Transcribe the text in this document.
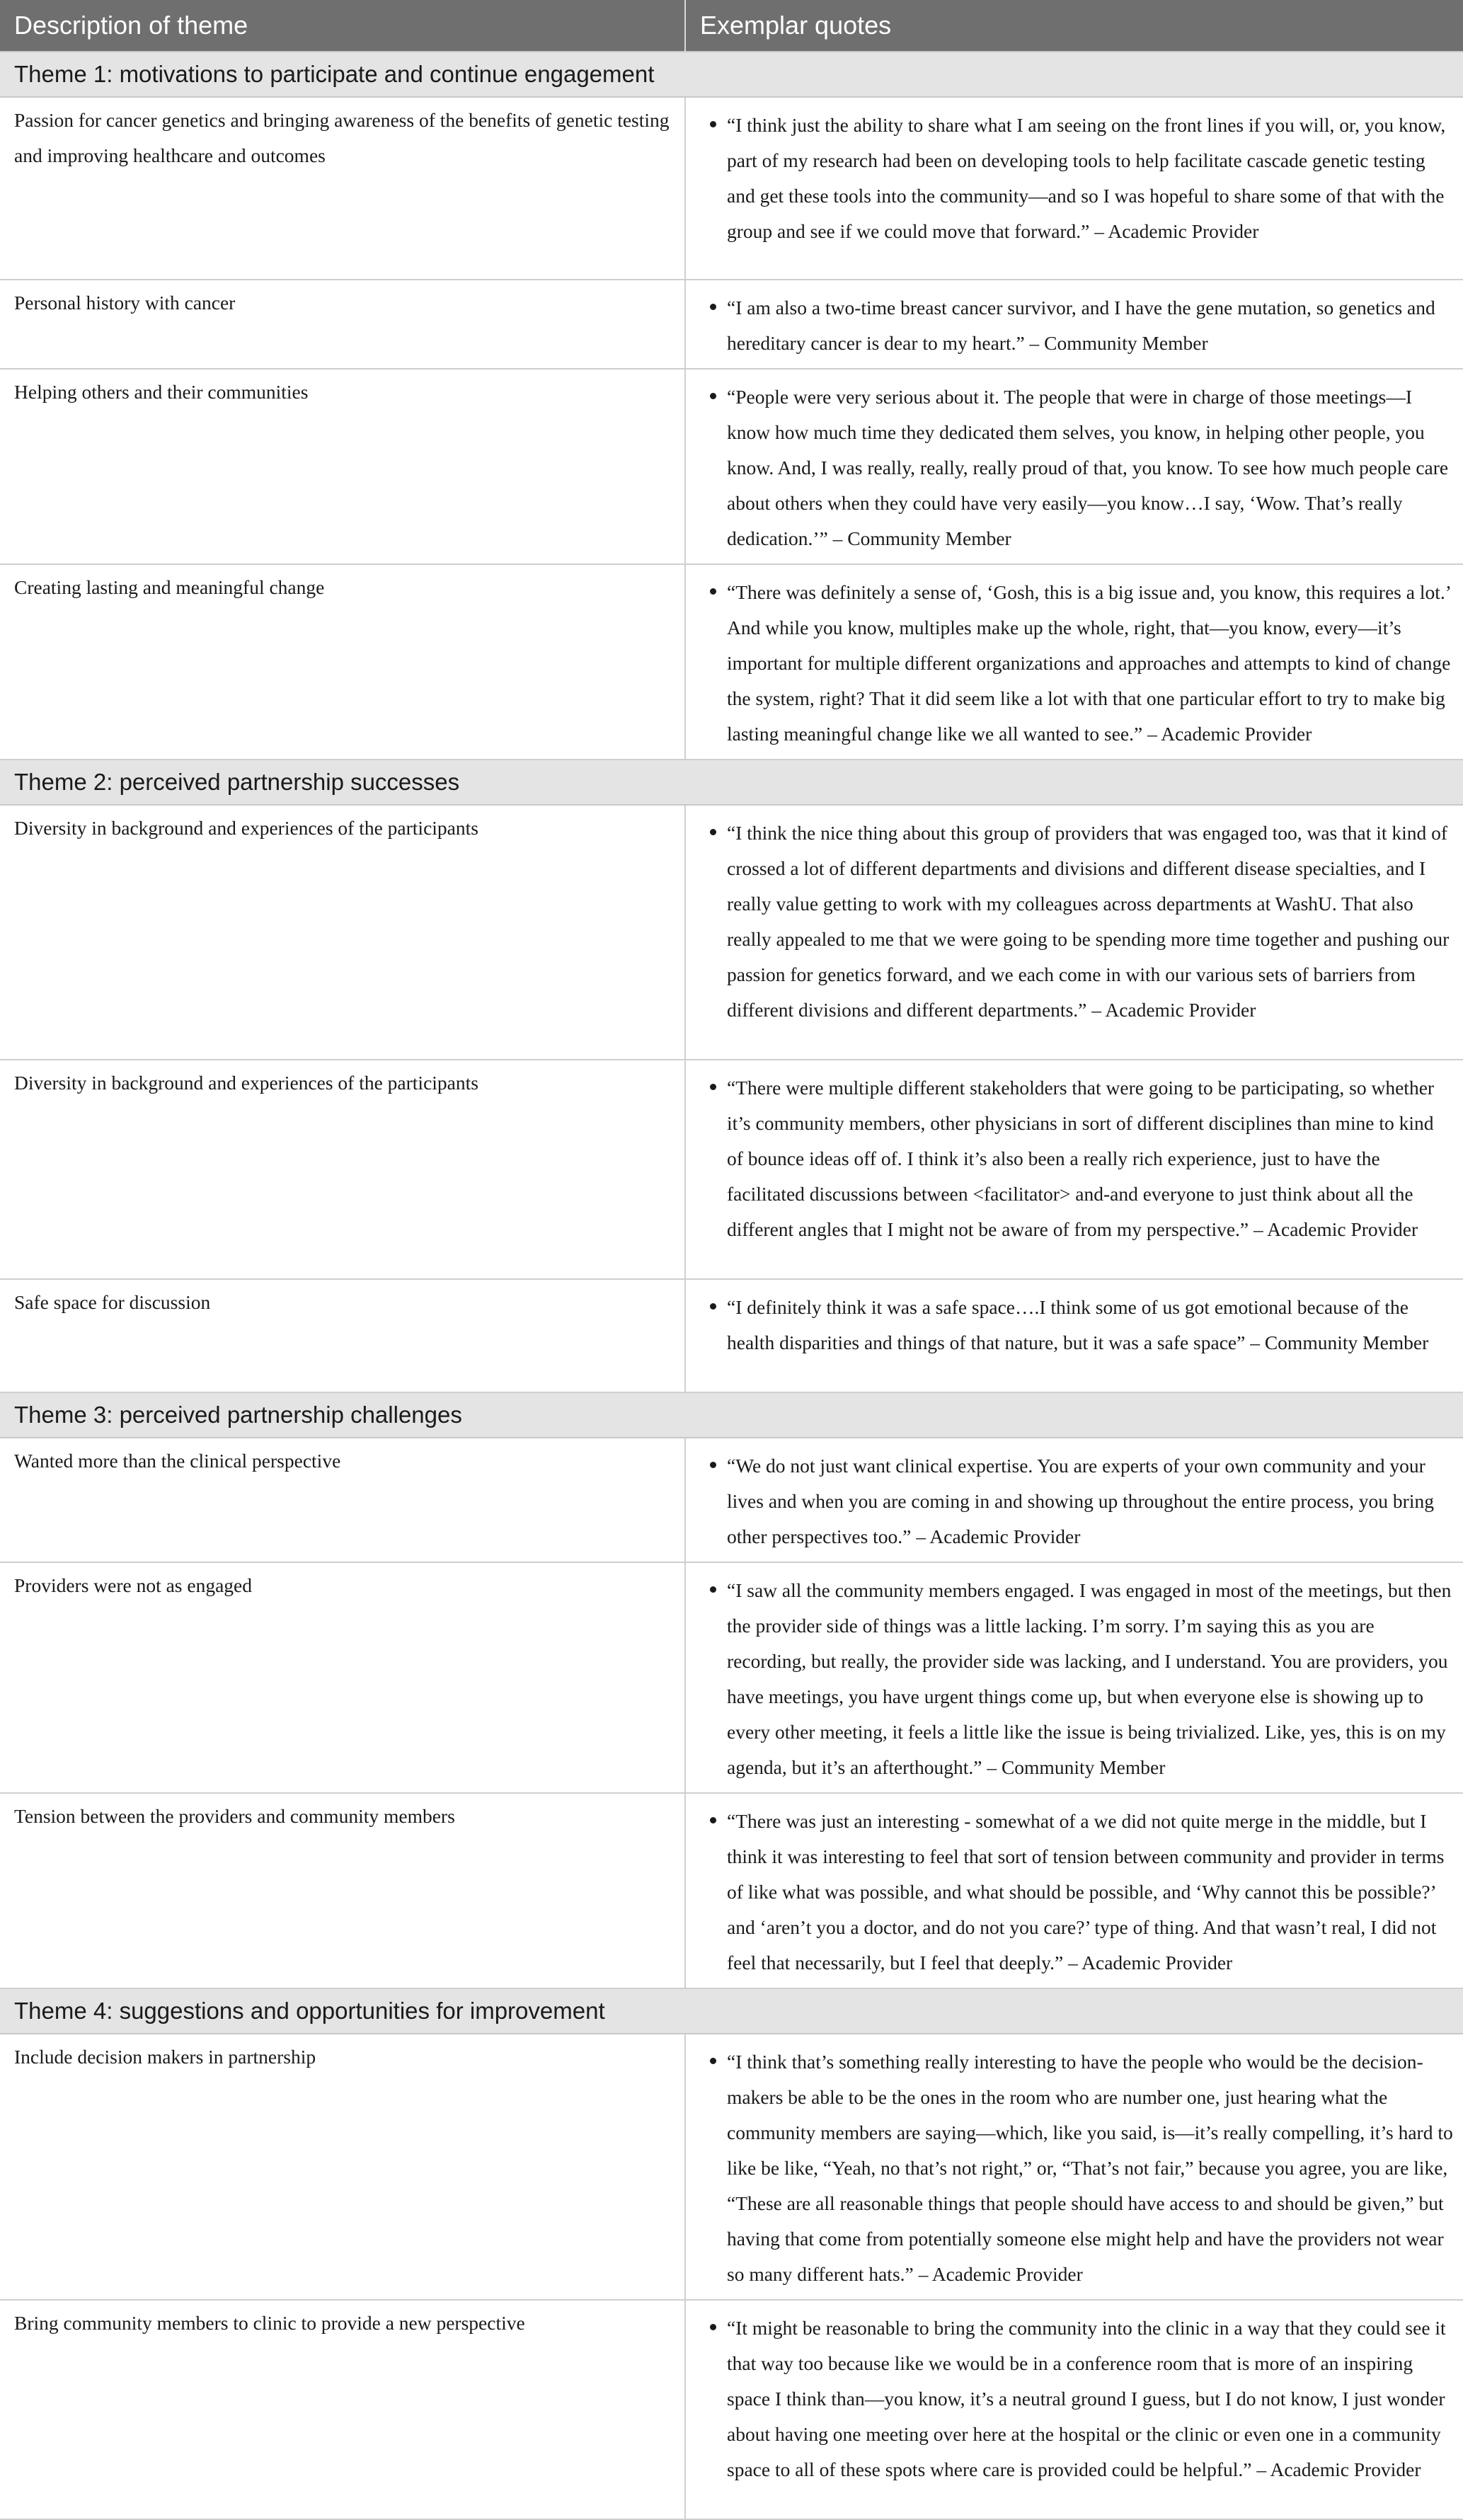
Description of theme	Exemplar quotes
Theme 1: motivations to participate and continue engagement	
Passion for cancer genetics and bringing awareness of the benefits of genetic testing and improving healthcare and outcomes	“I think just the ability to share what I am seeing on the front lines if you will, or, you know, part of my research had been on developing tools to help facilitate cascade genetic testing and get these tools into the community—and so I was hopeful to share some of that with the group and see if we could move that forward.” – Academic Provider

Personal history with cancer	“I am also a two-time breast cancer survivor, and I have the gene mutation, so genetics and hereditary cancer is dear to my heart.” – Community Member

Helping others and their communities	“People were very serious about it. The people that were in charge of those meetings—I know how much time they dedicated them selves, you know, in helping other people, you know. And, I was really, really, really proud of that, you know. To see how much people care about others when they could have very easily—you know…I say, ‘Wow. That’s really dedication.’” – Community Member

Creating lasting and meaningful change	“There was definitely a sense of, ‘Gosh, this is a big issue and, you know, this requires a lot.’ And while you know, multiples make up the whole, right, that—you know, every—it’s important for multiple different organizations and approaches and attempts to kind of change the system, right? That it did seem like a lot with that one particular effort to try to make big lasting meaningful change like we all wanted to see.” – Academic Provider

Theme 2: perceived partnership successes	
Diversity in background and experiences of the participants	“I think the nice thing about this group of providers that was engaged too, was that it kind of crossed a lot of different departments and divisions and different disease specialties, and I really value getting to work with my colleagues across departments at WashU. That also really appealed to me that we were going to be spending more time together and pushing our passion for genetics forward, and we each come in with our various sets of barriers from different divisions and different departments.” – Academic Provider

Diversity in background and experiences of the participants	“There were multiple different stakeholders that were going to be participating, so whether it’s community members, other physicians in sort of different disciplines than mine to kind of bounce ideas off of. I think it’s also been a really rich experience, just to have the facilitated discussions between <facilitator> and-and everyone to just think about all the different angles that I might not be aware of from my perspective.” – Academic Provider

Safe space for discussion	“I definitely think it was a safe space….I think some of us got emotional because of the health disparities and things of that nature, but it was a safe space” – Community Member

Theme 3: perceived partnership challenges	
Wanted more than the clinical perspective	“We do not just want clinical expertise. You are experts of your own community and your lives and when you are coming in and showing up throughout the entire process, you bring other perspectives too.” – Academic Provider

Providers were not as engaged	“I saw all the community members engaged. I was engaged in most of the meetings, but then the provider side of things was a little lacking. I’m sorry. I’m saying this as you are recording, but really, the provider side was lacking, and I understand. You are providers, you have meetings, you have urgent things come up, but when everyone else is showing up to every other meeting, it feels a little like the issue is being trivialized. Like, yes, this is on my agenda, but it’s an afterthought.” – Community Member

Tension between the providers and community members	“There was just an interesting - somewhat of a we did not quite merge in the middle, but I think it was interesting to feel that sort of tension between community and provider in terms of like what was possible, and what should be possible, and ‘Why cannot this be possible?’ and ‘aren’t you a doctor, and do not you care?’ type of thing. And that wasn’t real, I did not feel that necessarily, but I feel that deeply.” – Academic Provider

Theme 4: suggestions and opportunities for improvement	
Include decision makers in partnership	“I think that’s something really interesting to have the people who would be the decision-makers be able to be the ones in the room who are number one, just hearing what the community members are saying—which, like you said, is—it’s really compelling, it’s hard to like be like, “Yeah, no that’s not right,” or, “That’s not fair,” because you agree, you are like, “These are all reasonable things that people should have access to and should be given,” but having that come from potentially someone else might help and have the providers not wear so many different hats.” – Academic Provider

Bring community members to clinic to provide a new perspective	“It might be reasonable to bring the community into the clinic in a way that they could see it that way too because like we would be in a conference room that is more of an inspiring space I think than—you know, it’s a neutral ground I guess, but I do not know, I just wonder about having one meeting over here at the hospital or the clinic or even one in a community space to all of these spots where care is provided could be helpful.” – Academic Provider
